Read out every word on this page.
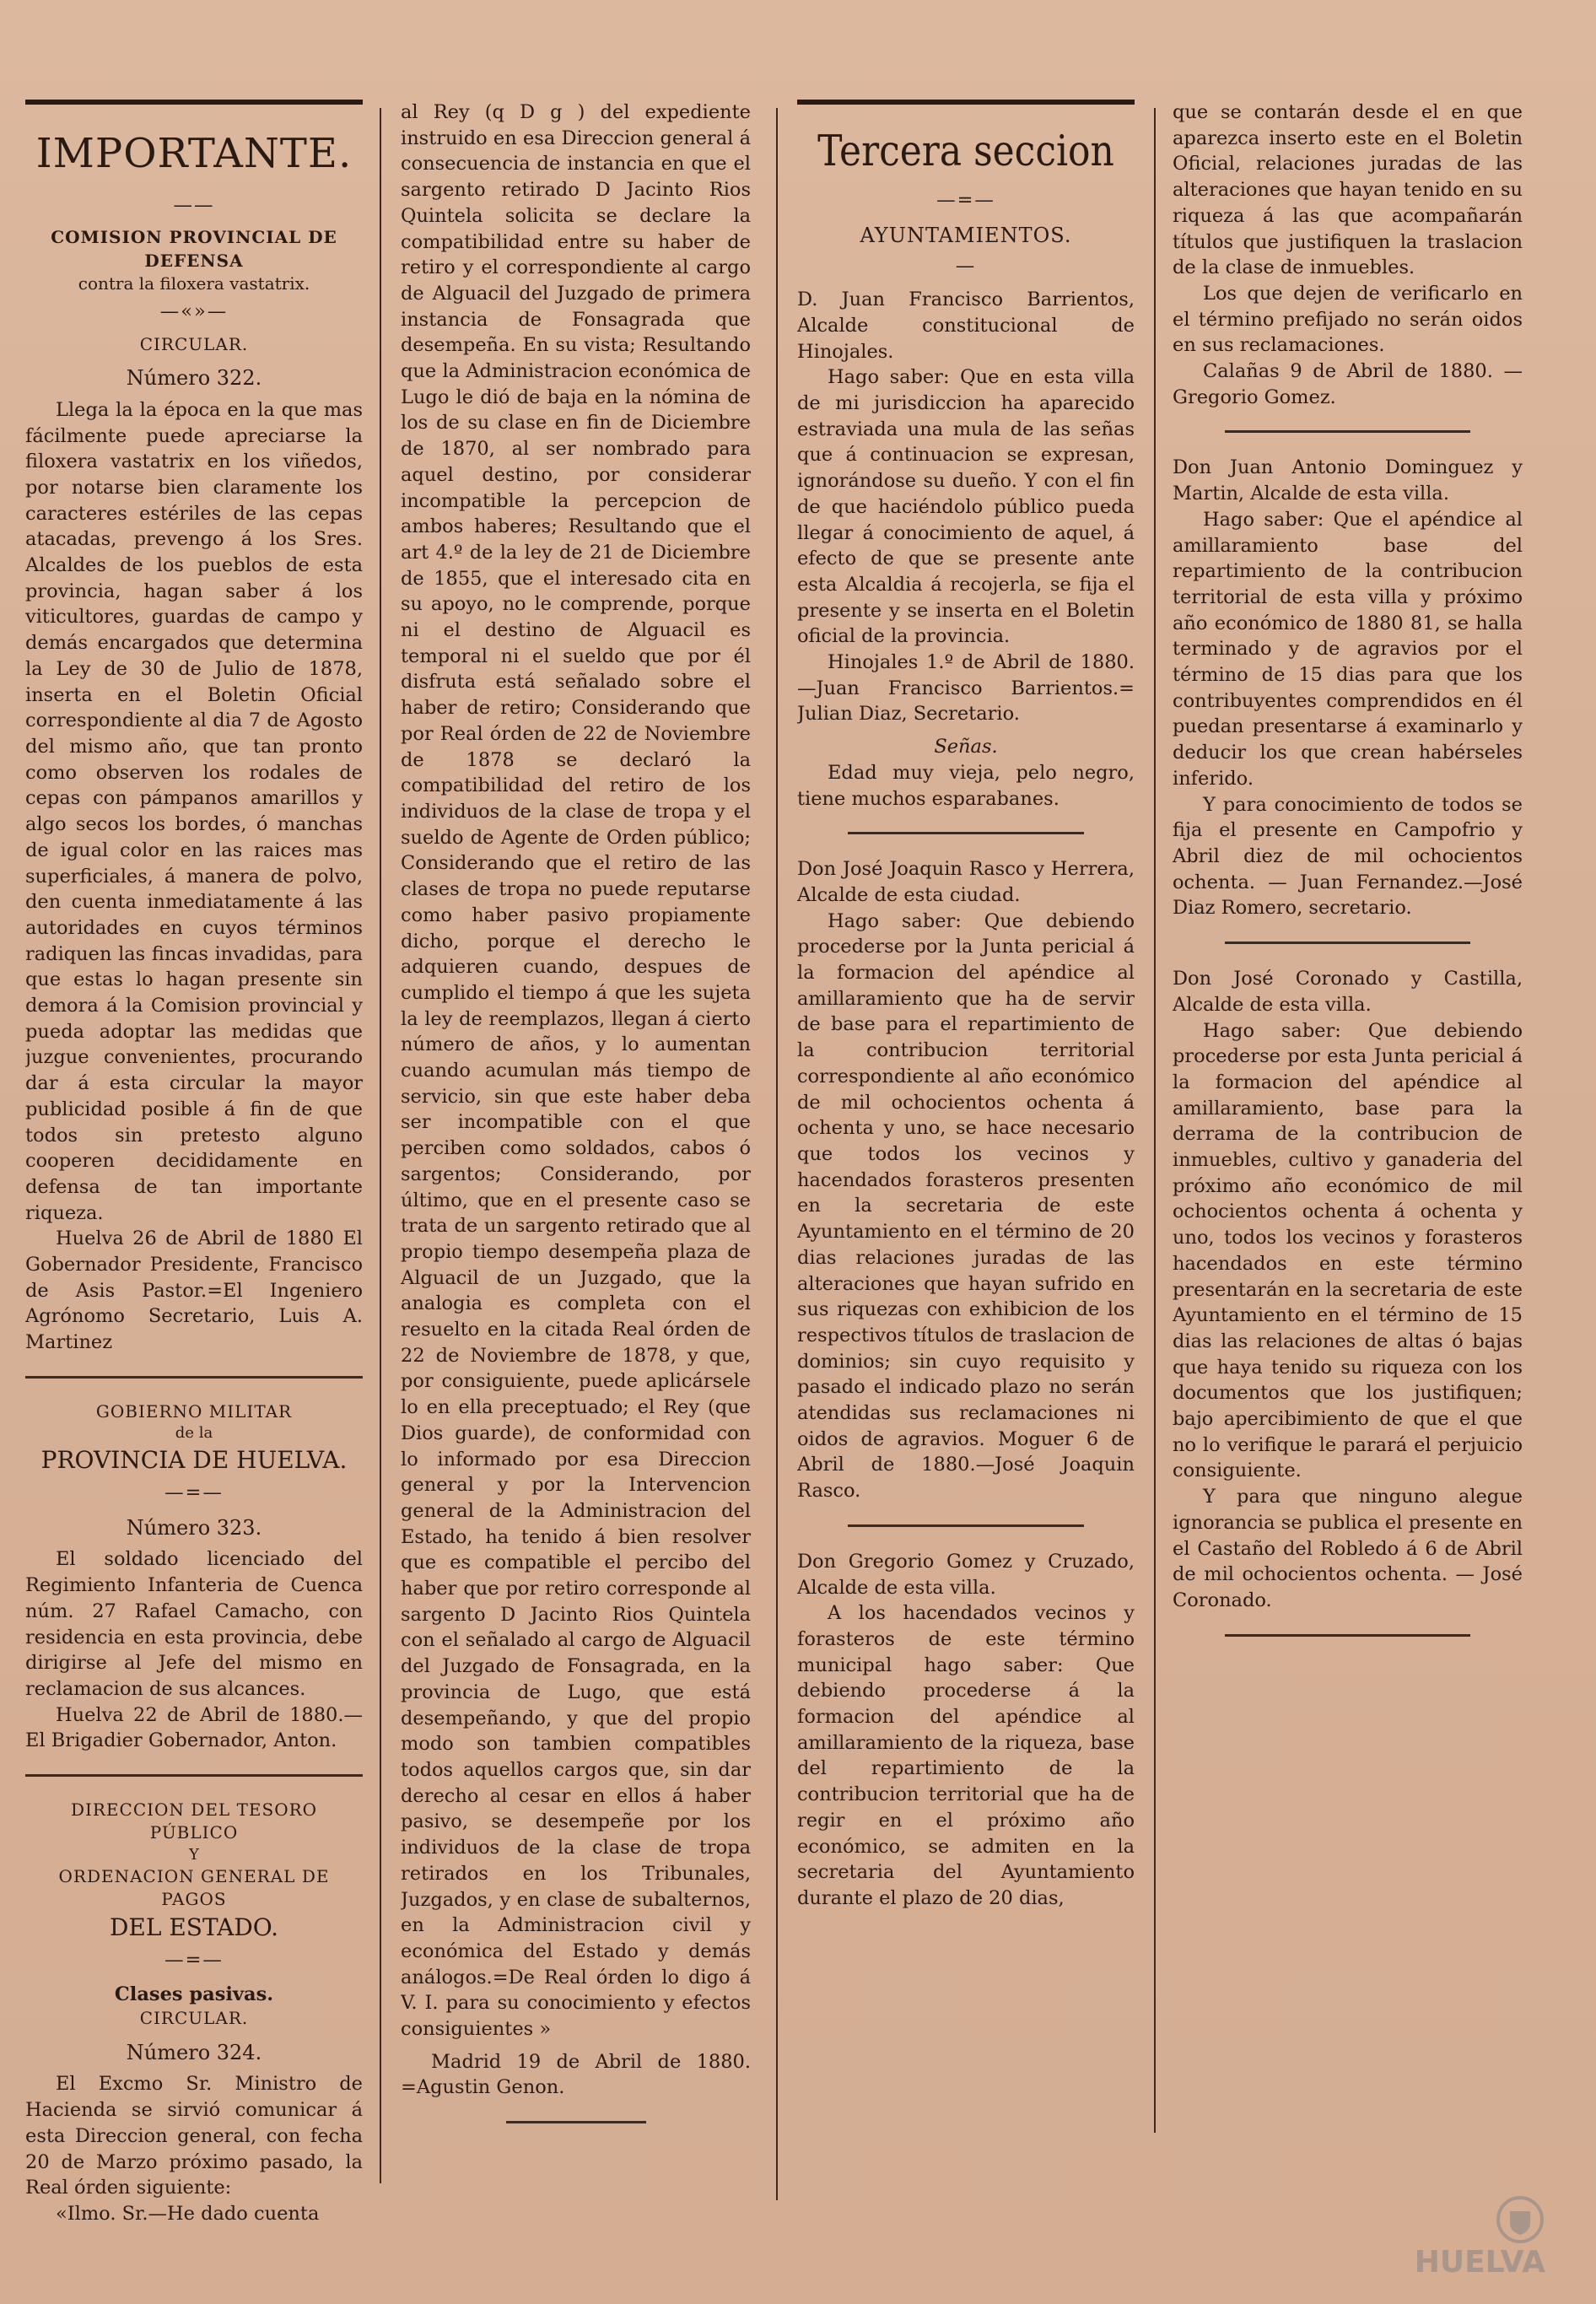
IMPORTANTE.
——
COMISION PROVINCIAL DE DEFENSA
contra la filoxera vastatrix.
—«»—
CIRCULAR.
Número 322.

Llega la la época en la que mas fácilmente puede apreciarse la filoxera vastatrix en los viñedos, por notarse bien claramente los caracteres estériles de las cepas atacadas, prevengo á los Sres. Alcaldes de los pueblos de esta provincia, hagan saber á los viticultores, guardas de campo y demás encargados que determina la Ley de 30 de Julio de 1878, inserta en el Boletin Oficial correspondiente al dia 7 de Agosto del mismo año, que tan pronto como observen los rodales de cepas con pámpanos amarillos y algo secos los bordes, ó manchas de igual color en las raices mas superficiales, á manera de polvo, den cuenta inmediatamente á las autoridades en cuyos términos radiquen las fincas invadidas, para que estas lo hagan presente sin demora á la Comision provincial y pueda adoptar las medidas que juzgue convenientes, procurando dar á esta circular la mayor publicidad posible á fin de que todos sin pretesto alguno cooperen decididamente en defensa de tan importante riqueza.

Huelva 26 de Abril de 1880 El Gobernador Presidente, Francisco de Asis Pastor.=El Ingeniero Agrónomo Secretario, Luis A. Martinez

GOBIERNO MILITAR
de la
PROVINCIA DE HUELVA.
—=—
Número 323.

El soldado licenciado del Regimiento Infanteria de Cuenca núm. 27 Rafael Camacho, con residencia en esta provincia, debe dirigirse al Jefe del mismo en reclamacion de sus alcances.

Huelva 22 de Abril de 1880.— El Brigadier Gobernador, Anton.

DIRECCION DEL TESORO PÚBLICO
Y
ORDENACION GENERAL DE PAGOS
DEL ESTADO.
—=—
Clases pasivas.
CIRCULAR.
Número 324.

El Excmo Sr. Ministro de Hacienda se sirvió comunicar á esta Direccion general, con fecha 20 de Marzo próximo pasado, la Real órden siguiente:

«Ilmo. Sr.—He dado cuenta

al Rey (q D g ) del expediente instruido en esa Direccion general á consecuencia de instancia en que el sargento retirado D Jacinto Rios Quintela solicita se declare la compatibilidad entre su haber de retiro y el correspondiente al cargo de Alguacil del Juzgado de primera instancia de Fonsagrada que desempeña. En su vista; Resultando que la Administracion económica de Lugo le dió de baja en la nómina de los de su clase en fin de Diciembre de 1870, al ser nombrado para aquel destino, por considerar incompatible la percepcion de ambos haberes; Resultando que el art 4.º de la ley de 21 de Diciembre de 1855, que el interesado cita en su apoyo, no le comprende, porque ni el destino de Alguacil es temporal ni el sueldo que por él disfruta está señalado sobre el haber de retiro; Considerando que por Real órden de 22 de Noviembre de 1878 se declaró la compatibilidad del retiro de los individuos de la clase de tropa y el sueldo de Agente de Orden público; Considerando que el retiro de las clases de tropa no puede reputarse como haber pasivo propiamente dicho, porque el derecho le adquieren cuando, despues de cumplido el tiempo á que les sujeta la ley de reemplazos, llegan á cierto número de años, y lo aumentan cuando acumulan más tiempo de servicio, sin que este haber deba ser incompatible con el que perciben como soldados, cabos ó sargentos; Considerando, por último, que en el presente caso se trata de un sargento retirado que al propio tiempo desempeña plaza de Alguacil de un Juzgado, que la analogia es completa con el resuelto en la citada Real órden de 22 de Noviembre de 1878, y que, por consiguiente, puede aplicársele lo en ella preceptuado; el Rey (que Dios guarde), de conformidad con lo informado por esa Direccion general y por la Intervencion general de la Administracion del Estado, ha tenido á bien resolver que es compatible el percibo del haber que por retiro corresponde al sargento D Jacinto Rios Quintela con el señalado al cargo de Alguacil del Juzgado de Fonsagrada, en la provincia de Lugo, que está desempeñando, y que del propio modo son tambien compatibles todos aquellos cargos que, sin dar derecho al cesar en ellos á haber pasivo, se desempeñe por los individuos de la clase de tropa retirados en los Tribunales, Juzgados, y en clase de subalternos, en la Administracion civil y económica del Estado y demás análogos.=De Real órden lo digo á V. I. para su conocimiento y efectos consiguientes »

Madrid 19 de Abril de 1880. =Agustin Genon.

Tercera seccion
—=—
AYUNTAMIENTOS.
—

D. Juan Francisco Barrientos, Alcalde constitucional de Hinojales.

Hago saber: Que en esta villa de mi jurisdiccion ha aparecido estraviada una mula de las señas que á continuacion se expresan, ignorándose su dueño. Y con el fin de que haciéndolo público pueda llegar á conocimiento de aquel, á efecto de que se presente ante esta Alcaldia á recojerla, se fija el presente y se inserta en el Boletin oficial de la provincia.

Hinojales 1.º de Abril de 1880. —Juan Francisco Barrientos.= Julian Diaz, Secretario.

Señas.

Edad muy vieja, pelo negro, tiene muchos esparabanes.

Don José Joaquin Rasco y Herrera, Alcalde de esta ciudad.

Hago saber: Que debiendo procederse por la Junta pericial á la formacion del apéndice al amillaramiento que ha de servir de base para el repartimiento de la contribucion territorial correspondiente al año económico de mil ochocientos ochenta á ochenta y uno, se hace necesario que todos los vecinos y hacendados forasteros presenten en la secretaria de este Ayuntamiento en el término de 20 dias relaciones juradas de las alteraciones que hayan sufrido en sus riquezas con exhibicion de los respectivos títulos de traslacion de dominios; sin cuyo requisito y pasado el indicado plazo no serán atendidas sus reclamaciones ni oidos de agravios. Moguer 6 de Abril de 1880.—José Joaquin Rasco.

Don Gregorio Gomez y Cruzado, Alcalde de esta villa.

A los hacendados vecinos y forasteros de este término municipal hago saber: Que debiendo procederse á la formacion del apéndice al amillaramiento de la riqueza, base del repartimiento de la contribucion territorial que ha de regir en el próximo año económico, se admiten en la secretaria del Ayuntamiento durante el plazo de 20 dias,

que se contarán desde el en que aparezca inserto este en el Boletin Oficial, relaciones juradas de las alteraciones que hayan tenido en su riqueza á las que acompañarán títulos que justifiquen la traslacion de la clase de inmuebles.

Los que dejen de verificarlo en el término prefijado no serán oidos en sus reclamaciones.

Calañas 9 de Abril de 1880. —Gregorio Gomez.

Don Juan Antonio Dominguez y Martin, Alcalde de esta villa.

Hago saber: Que el apéndice al amillaramiento base del repartimiento de la contribucion territorial de esta villa y próximo año económico de 1880 81, se halla terminado y de agravios por el término de 15 dias para que los contribuyentes comprendidos en él puedan presentarse á examinarlo y deducir los que crean habérseles inferido.

Y para conocimiento de todos se fija el presente en Campofrio y Abril diez de mil ochocientos ochenta. — Juan Fernandez.—José Diaz Romero, secretario.

Don José Coronado y Castilla, Alcalde de esta villa.

Hago saber: Que debiendo procederse por esta Junta pericial á la formacion del apéndice al amillaramiento, base para la derrama de la contribucion de inmuebles, cultivo y ganaderia del próximo año económico de mil ochocientos ochenta á ochenta y uno, todos los vecinos y forasteros hacendados en este término presentarán en la secretaria de este Ayuntamiento en el término de 15 dias las relaciones de altas ó bajas que haya tenido su riqueza con los documentos que los justifiquen; bajo apercibimiento de que el que no lo verifique le parará el perjuicio consiguiente.

Y para que ninguno alegue ignorancia se publica el presente en el Castaño del Robledo á 6 de Abril de mil ochocientos ochenta. — José Coronado.

HUELVA
